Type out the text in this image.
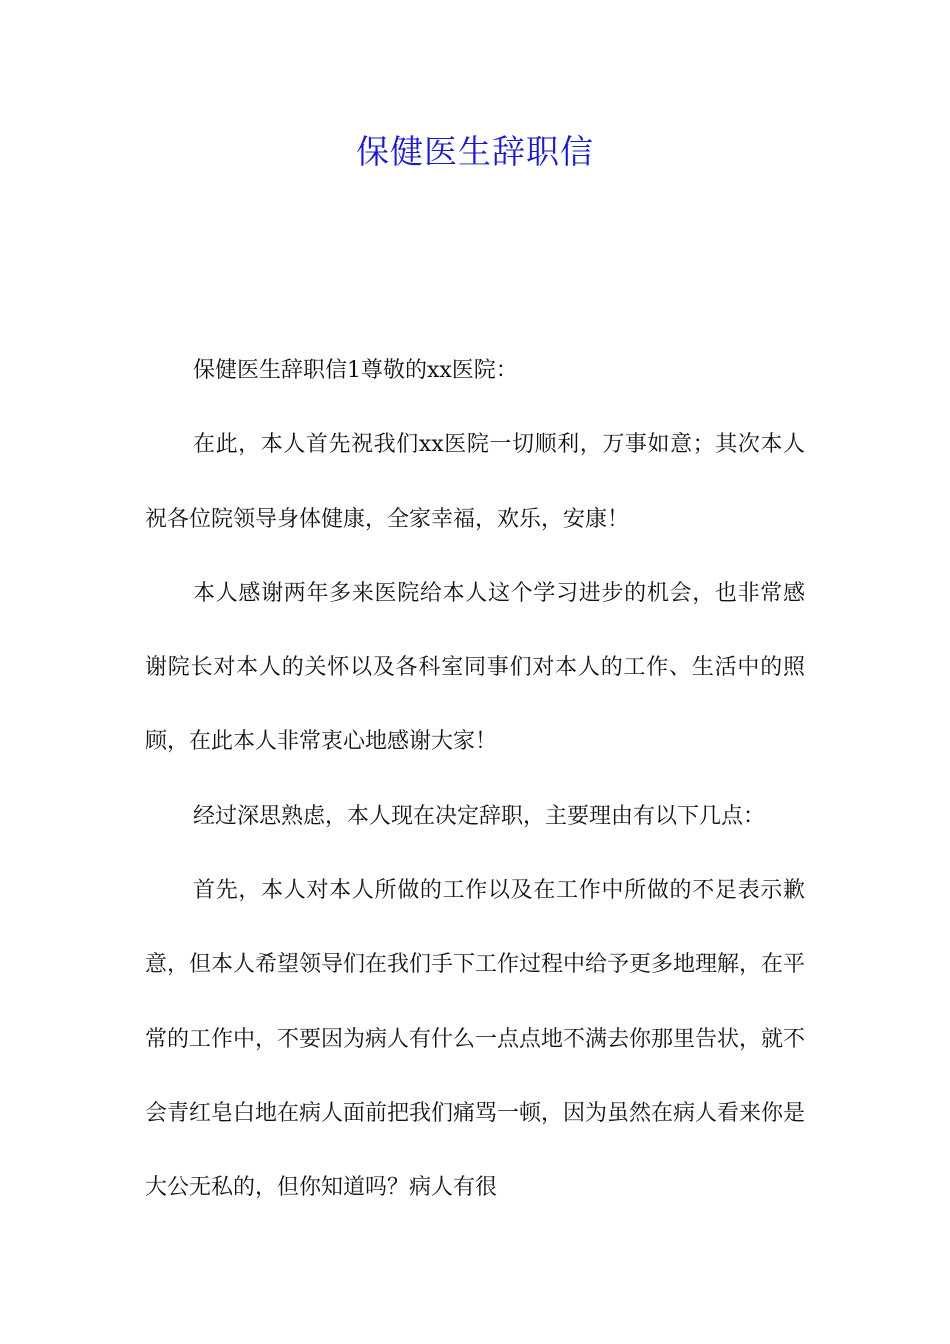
保健医生辞职信

保健医生辞职信1尊敬的xx医院：

在此，本人首先祝我们xx医院一切顺利，万事如意；其次本人祝各位院领导身体健康，全家幸福，欢乐，安康！

本人感谢两年多来医院给本人这个学习进步的机会，也非常感谢院长对本人的关怀以及各科室同事们对本人的工作、生活中的照顾，在此本人非常衷心地感谢大家！

经过深思熟虑，本人现在决定辞职，主要理由有以下几点：

首先，本人对本人所做的工作以及在工作中所做的不足表示歉意，但本人希望领导们在我们手下工作过程中给予更多地理解，在平常的工作中，不要因为病人有什么一点点地不满去你那里告状，就不会青红皂白地在病人面前把我们痛骂一顿，因为虽然在病人看来你是大公无私的，但你知道吗？病人有很
